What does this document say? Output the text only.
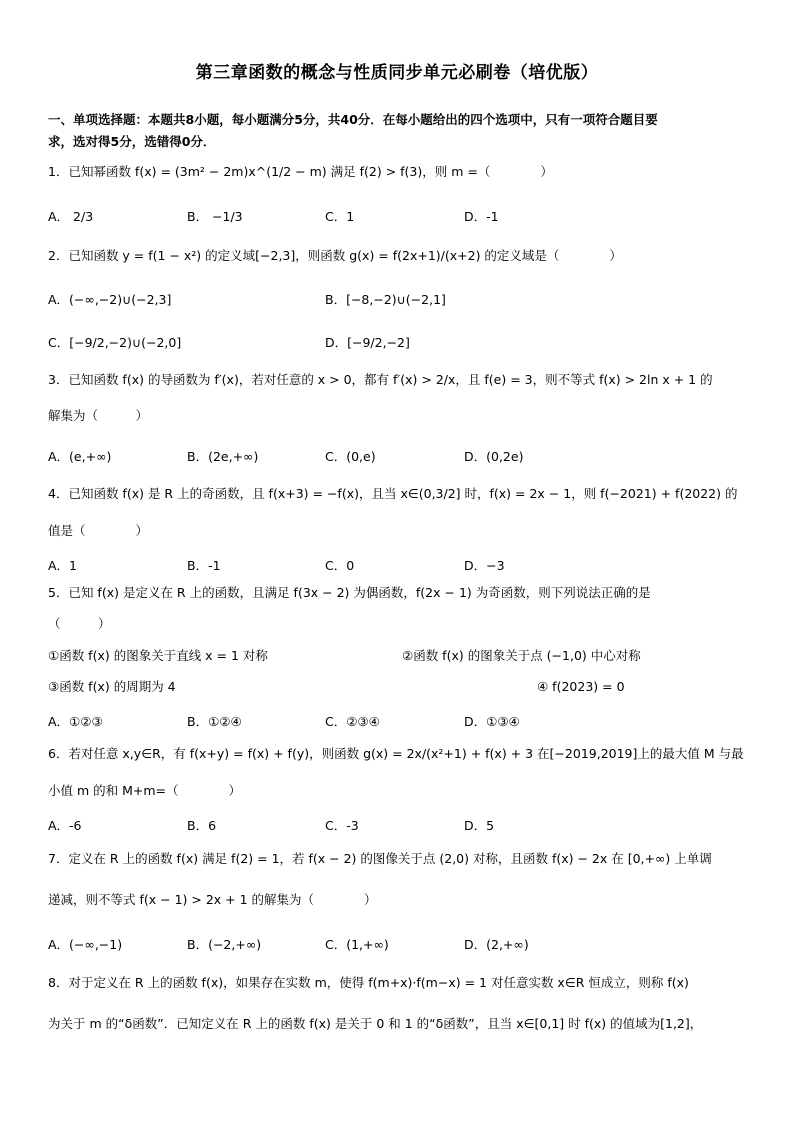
第三章函数的概念与性质同步单元必刷卷（培优版）
一、单项选择题：本题共8小题，每小题满分5分，共40分．在每小题给出的四个选项中，只有一项符合题目要
求，选对得5分，选错得0分．
1．已知幂函数 f(x) = (3m² − 2m)x^(1/2 − m) 满足 f(2) > f(3)，则 m =（　　　　）
A． 2/3	B． −1/3	C．1	D．-1
2．已知函数 y = f(1 − x²) 的定义域[−2,3]，则函数 g(x) = f(2x+1)/(x+2) 的定义域是（　　　　）
A．(−∞,−2)∪(−2,3]	B．[−8,−2)∪(−2,1]
C．[−9/2,−2)∪(−2,0]	D．[−9/2,−2]
3．已知函数 f(x) 的导函数为 f′(x)，若对任意的 x > 0，都有 f′(x) > 2/x，且 f(e) = 3，则不等式 f(x) > 2ln x + 1 的
解集为（　　　）
A．(e,+∞)	B．(2e,+∞)	C．(0,e)	D．(0,2e)
4．已知函数 f(x) 是 R 上的奇函数，且 f(x+3) = −f(x)，且当 x∈(0,3/2] 时，f(x) = 2x − 1，则 f(−2021) + f(2022) 的
值是（　　　　）
A．1	B．-1	C．0	D．−3
5．已知 f(x) 是定义在 R 上的函数，且满足 f(3x − 2) 为偶函数，f(2x − 1) 为奇函数，则下列说法正确的是
（　　　）
①函数 f(x) 的图象关于直线 x = 1 对称	②函数 f(x) 的图象关于点 (−1,0) 中心对称
③函数 f(x) 的周期为 4	④ f(2023) = 0
A．①②③	B．①②④	C．②③④	D．①③④
6．若对任意 x,y∈R，有 f(x+y) = f(x) + f(y)，则函数 g(x) = 2x/(x²+1) + f(x) + 3 在[−2019,2019]上的最大值 M 与最
小值 m 的和 M+m=（　　　　）
A．-6	B．6	C．-3	D．5
7．定义在 R 上的函数 f(x) 满足 f(2) = 1，若 f(x − 2) 的图像关于点 (2,0) 对称，且函数 f(x) − 2x 在 [0,+∞) 上单调
递减，则不等式 f(x − 1) > 2x + 1 的解集为（　　　　）
A．(−∞,−1)	B．(−2,+∞)	C．(1,+∞)	D．(2,+∞)
8．对于定义在 R 上的函数 f(x)，如果存在实数 m，使得 f(m+x)·f(m−x) = 1 对任意实数 x∈R 恒成立，则称 f(x)
为关于 m 的“δ函数”．已知定义在 R 上的函数 f(x) 是关于 0 和 1 的“δ函数”，且当 x∈[0,1] 时 f(x) 的值域为[1,2]，
